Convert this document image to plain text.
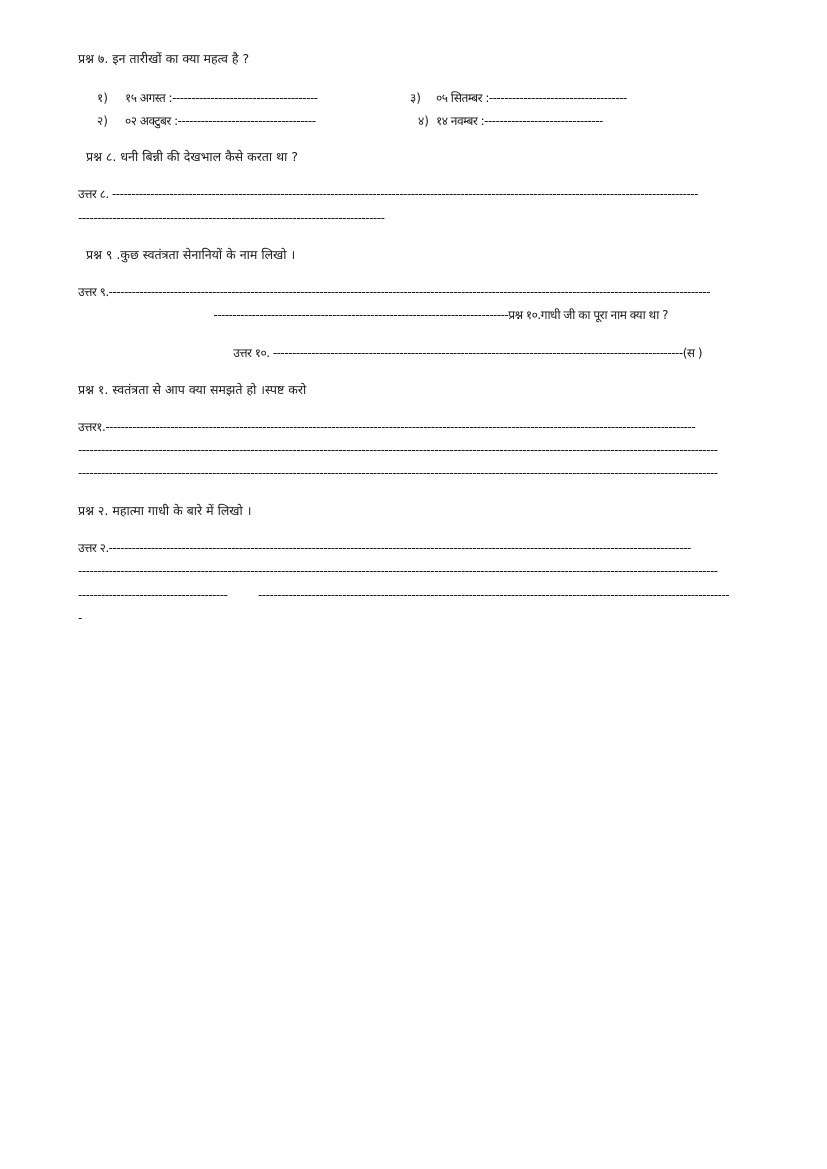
प्रश्न ७. इन तारीखों का क्या महत्व है ?
१) १५ अगस्त :--------------------------------------	३) ०५ सितम्बर :------------------------------------
२) ०२ अक्टुबर :------------------------------------	४) १४ नवम्बर :-------------------------------
प्रश्न ८. धनी बिन्नी की देखभाल कैसे करता था ?
उत्तर ८. ---------------------------------------------------------------------------------------------------------------------------------------------------------
--------------------------------------------------------------------------------
प्रश्न ९ .कुछ स्वतंत्रता सेनानियों के नाम लिखो ।
उत्तर ९.-------------------------------------------------------------------------------------------------------------------------------------------------------------
-----------------------------------------------------------------------------प्रश्न १०.गाधी जी का पूरा नाम क्या था ?
उत्तर १०. -----------------------------------------------------------------------------------------------------------(स )
प्रश्न १. स्वतंत्रता से आप क्या समझते हो ।स्पष्ट करो
उत्तर१.----------------------------------------------------------------------------------------------------------------------------------------------------------
-----------------------------------------------------------------------------------------------------------------------------------------------------------------------
-----------------------------------------------------------------------------------------------------------------------------------------------------------------------
प्रश्न २. महात्मा गाधी के बारे में लिखो ।
उत्तर २.--------------------------------------------------------------------------------------------------------------------------------------------------------
-----------------------------------------------------------------------------------------------------------------------------------------------------------------------
---------------------------------------	---------------------------------------------------------------------------------------------------------------------------
-
